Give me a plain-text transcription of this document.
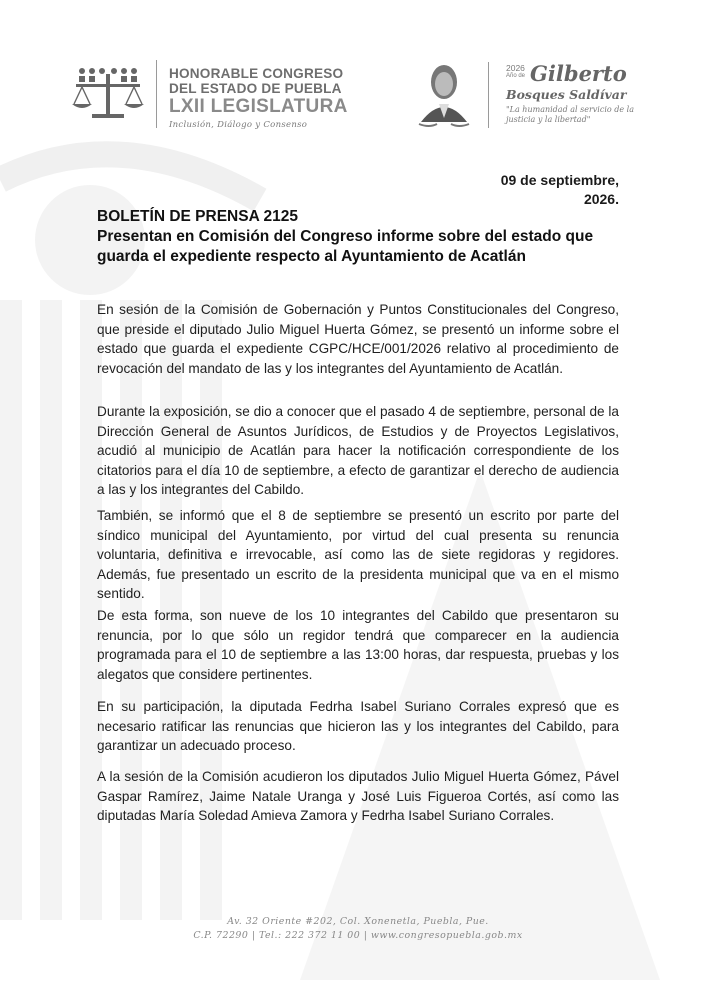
HONORABLE CONGRESO
DEL ESTADO DE PUEBLA
LXII LEGISLATURA
Inclusión, Diálogo y Consenso
2026
Año de Gilberto
Bosques Saldívar
"La humanidad al servicio de la
justicia y la libertad"
09 de septiembre,
2026.
BOLETÍN DE PRENSA 2125
Presentan en Comisión del Congreso informe sobre del estado que
guarda el expediente respecto al Ayuntamiento de Acatlán

En sesión de la Comisión de Gobernación y Puntos Constitucionales del Congreso, que preside el diputado Julio Miguel Huerta Gómez, se presentó un informe sobre el estado que guarda el expediente CGPC/HCE/001/2026 relativo al procedimiento de revocación del mandato de las y los integrantes del Ayuntamiento de Acatlán.

Durante la exposición, se dio a conocer que el pasado 4 de septiembre, personal de la Dirección General de Asuntos Jurídicos, de Estudios y de Proyectos Legislativos, acudió al municipio de Acatlán para hacer la notificación correspondiente de los citatorios para el día 10 de septiembre, a efecto de garantizar el derecho de audiencia a las y los integrantes del Cabildo.

También, se informó que el 8 de septiembre se presentó un escrito por parte del síndico municipal del Ayuntamiento, por virtud del cual presenta su renuncia voluntaria, definitiva e irrevocable, así como las de siete regidoras y regidores. Además, fue presentado un escrito de la presidenta municipal que va en el mismo sentido.

De esta forma, son nueve de los 10 integrantes del Cabildo que presentaron su renuncia, por lo que sólo un regidor tendrá que comparecer en la audiencia programada para el 10 de septiembre a las 13:00 horas, dar respuesta, pruebas y los alegatos que considere pertinentes.

En su participación, la diputada Fedrha Isabel Suriano Corrales expresó que es necesario ratificar las renuncias que hicieron las y los integrantes del Cabildo, para garantizar un adecuado proceso.

A la sesión de la Comisión acudieron los diputados Julio Miguel Huerta Gómez, Pável Gaspar Ramírez, Jaime Natale Uranga y José Luis Figueroa Cortés, así como las diputadas María Soledad Amieva Zamora y Fedrha Isabel Suriano Corrales.

Av. 32 Oriente #202, Col. Xonenetla, Puebla, Pue.
C.P. 72290 | Tel.: 222 372 11 00 | www.congresopuebla.gob.mx
